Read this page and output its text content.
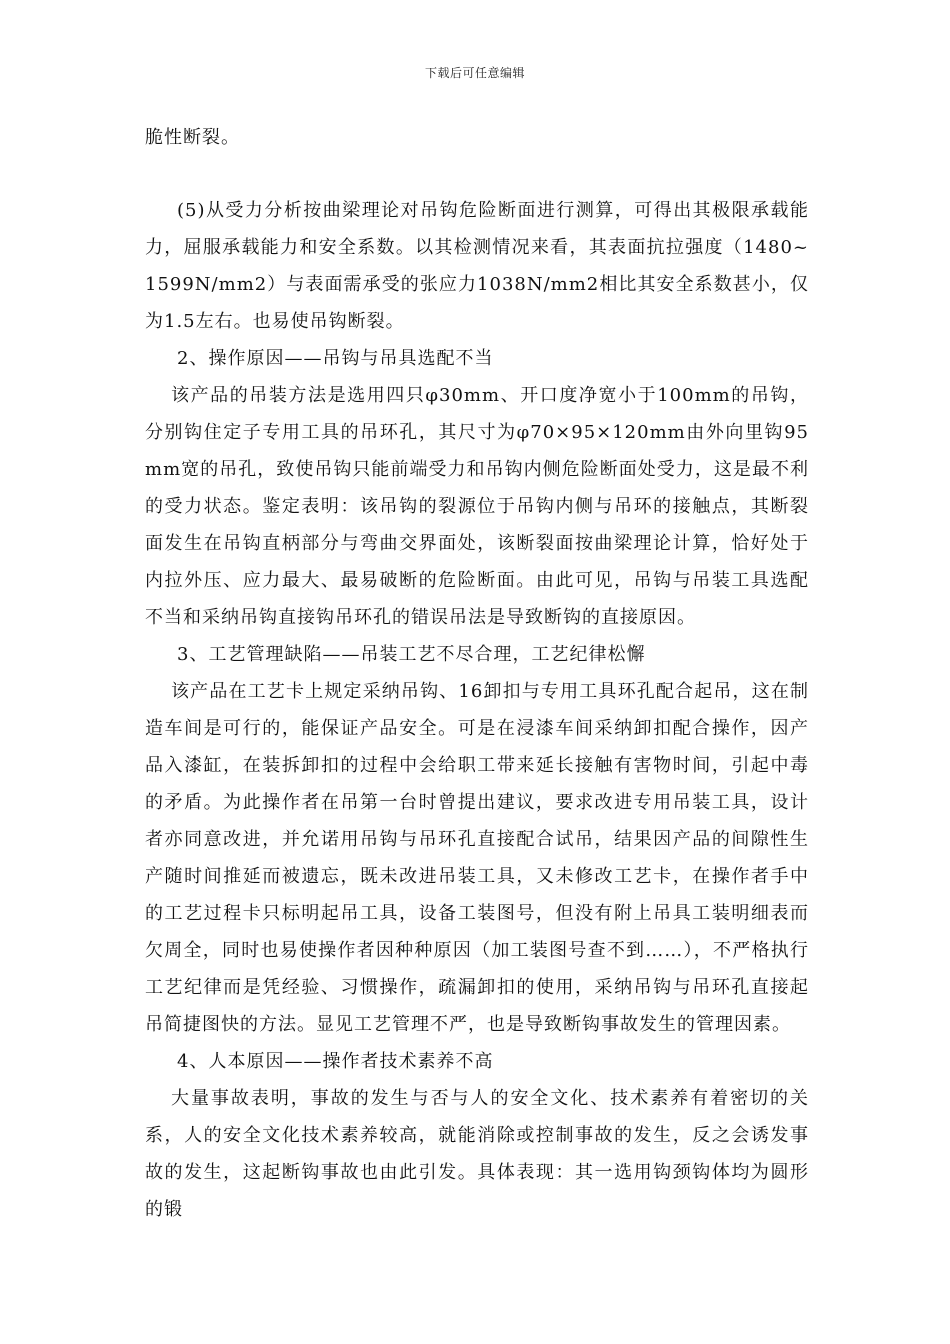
下载后可任意编辑

脆性断裂。

(5)从受力分析按曲梁理论对吊钩危险断面进行测算，可得出其极限承载能力，屈服承载能力和安全系数。以其检测情况来看，其表面抗拉强度（1480~1599N/mm2）与表面需承受的张应力1038N/mm2相比其安全系数甚小，仅为1.5左右。也易使吊钩断裂。

2、操作原因——吊钩与吊具选配不当

该产品的吊装方法是选用四只φ30mm、开口度净宽小于100mm的吊钩，分别钩住定子专用工具的吊环孔，其尺寸为φ70×95×120mm由外向里钩95mm宽的吊孔，致使吊钩只能前端受力和吊钩内侧危险断面处受力，这是最不利的受力状态。鉴定表明：该吊钩的裂源位于吊钩内侧与吊环的接触点，其断裂面发生在吊钩直柄部分与弯曲交界面处，该断裂面按曲梁理论计算，恰好处于内拉外压、应力最大、最易破断的危险断面。由此可见，吊钩与吊装工具选配不当和采纳吊钩直接钩吊环孔的错误吊法是导致断钩的直接原因。

3、工艺管理缺陷——吊装工艺不尽合理，工艺纪律松懈

该产品在工艺卡上规定采纳吊钩、16卸扣与专用工具环孔配合起吊，这在制造车间是可行的，能保证产品安全。可是在浸漆车间采纳卸扣配合操作，因产品入漆缸，在装拆卸扣的过程中会给职工带来延长接触有害物时间，引起中毒的矛盾。为此操作者在吊第一台时曾提出建议，要求改进专用吊装工具，设计者亦同意改进，并允诺用吊钩与吊环孔直接配合试吊，结果因产品的间隙性生产随时间推延而被遗忘，既未改进吊装工具，又未修改工艺卡，在操作者手中的工艺过程卡只标明起吊工具，设备工装图号，但没有附上吊具工装明细表而欠周全，同时也易使操作者因种种原因（加工装图号查不到……），不严格执行工艺纪律而是凭经验、习惯操作，疏漏卸扣的使用，采纳吊钩与吊环孔直接起吊简捷图快的方法。显见工艺管理不严，也是导致断钩事故发生的管理因素。

4、人本原因——操作者技术素养不高

大量事故表明，事故的发生与否与人的安全文化、技术素养有着密切的关系，人的安全文化技术素养较高，就能消除或控制事故的发生，反之会诱发事故的发生，这起断钩事故也由此引发。具体表现：其一选用钩颈钩体均为圆形的锻
